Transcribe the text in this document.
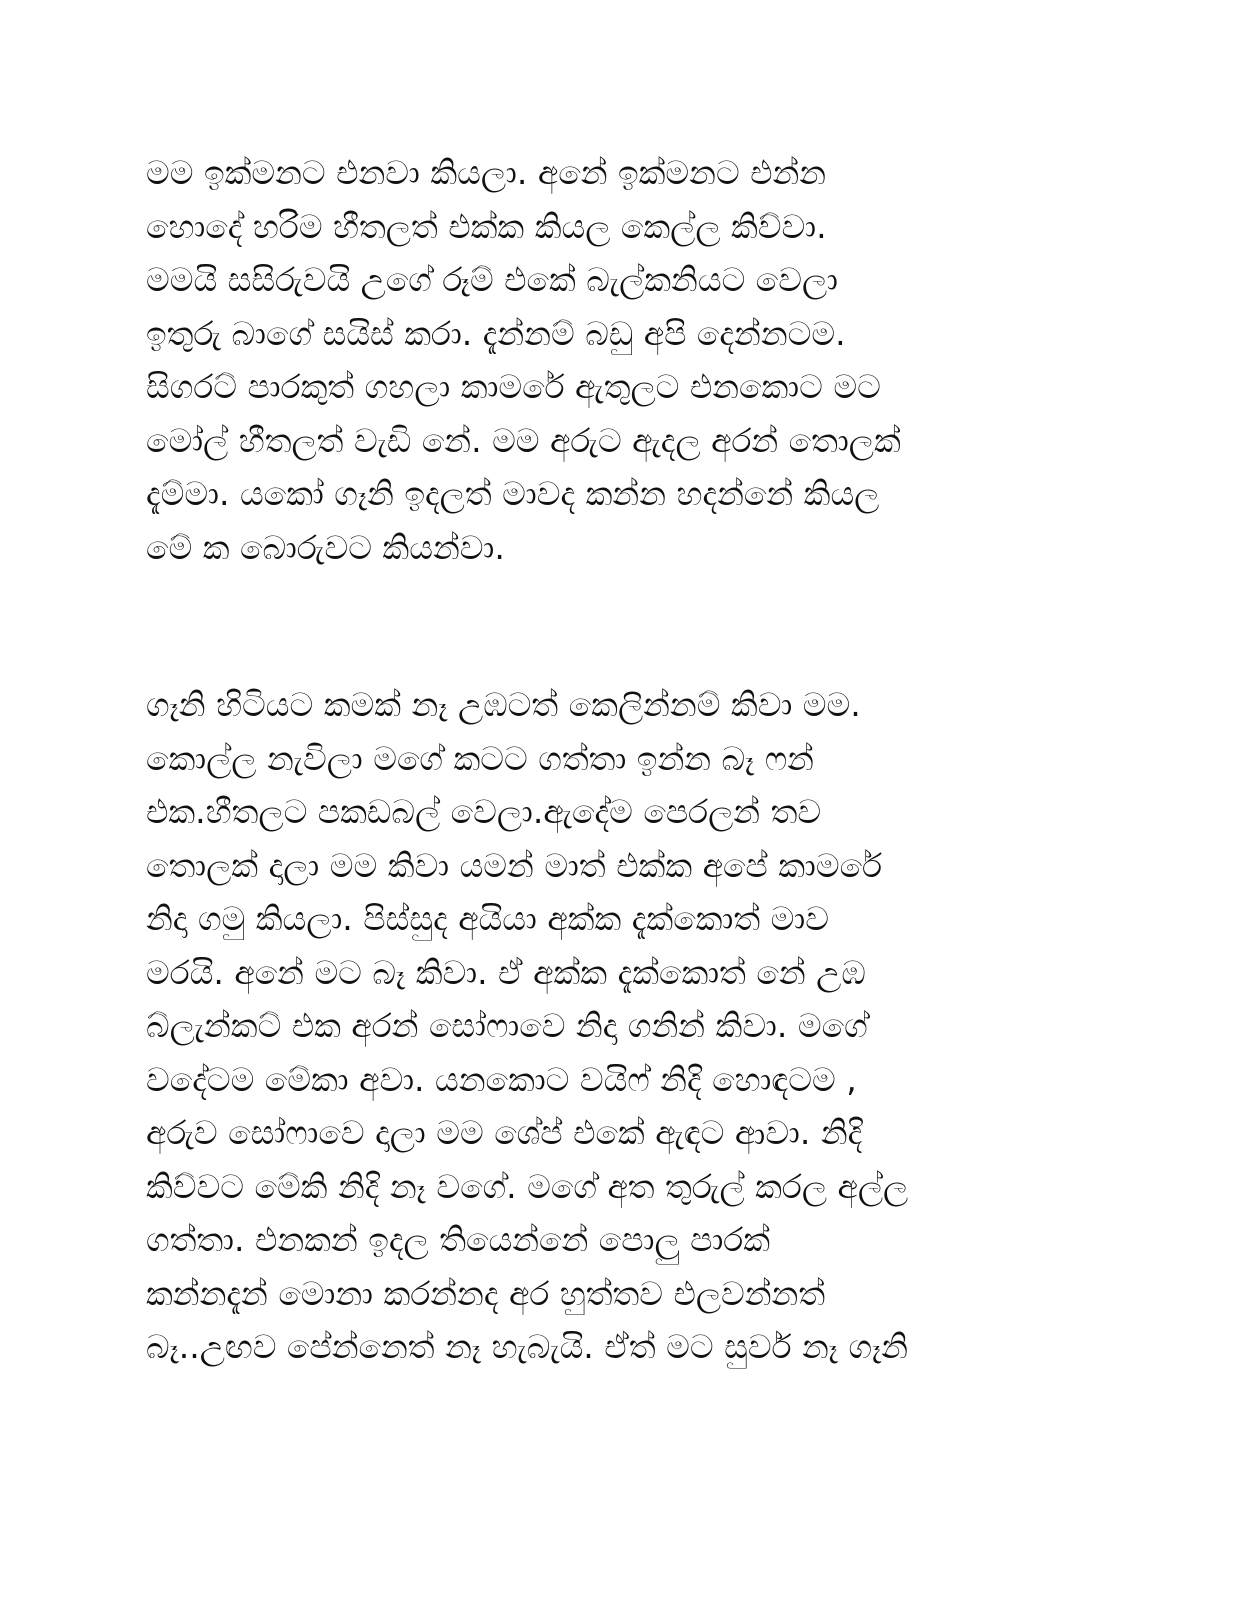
මම ඉක්මනට එනවා කියලා. අනේ ඉක්මනට එන්න
හොදේ හරිම හීතලත් එක්ක කියල කෙල්ල කිව්වා.
මමයි සසිරුවයි උගේ රූම් එකේ බැල්කනියට වෙලා
ඉතුරු බාගේ සයිස් කරා. දැන්නම් බඩු අපි දෙන්නටම.
සිගරට් පාරකුත් ගහලා කාමරේ ඇතුලට එනකොට මට
මෝල් හීතලත් වැඩි නේ. මම අරුට ඇදල අරන් තොලක්
දැම්මා. යකෝ ගෑනි ඉදලත් මාවද කන්න හදන්නේ කියල
මේ ක බොරුවට කියන්වා.
ගෑනි හිටියට කමක් නෑ උඹටත් කෙලින්නම් කිවා මම.
කොල්ල නැවිලා මගේ කටට ගත්තා ඉන්න බෑ ෆන්
එක.හීතලට පකඩබල් වෙලා.ඇදේම පෙරලන් තව
තොලක් දාලා මම කිවා යමන් මාත් එක්ක අපේ කාමරේ
නිදා ගමු කියලා. පිස්සුද අයියා අක්ක දැක්කොත් මාව
මරයි. අනේ මට බෑ කිවා. ඒ අක්ක දැක්කොත් නේ උඹ
බ්ලැන්කට් එක අරන් සෝෆාවෙ නිදා ගනින් කිවා. මගේ
වදේටම මේකා අවා. යනකොට වයිෆ් නිදි හොඳටම ,
අරුව සෝෆාවෙ දාලා මම ශේප් එකේ ඇඳට ආවා. නිදි
කිව්වට මේකි නිදි නෑ වගේ. මගේ අත තුරුල් කරල අල්ල
ගත්තා. එනකන් ඉදල තියෙන්නේ පොලු පාරක්
කන්නදැන් මොනා කරන්නද අර හුත්තව එලවන්නත්
බෑ..උඟව පේන්නෙත් නෑ හැබැයි. ඒත් මට සුවර් නෑ ගෑනි
